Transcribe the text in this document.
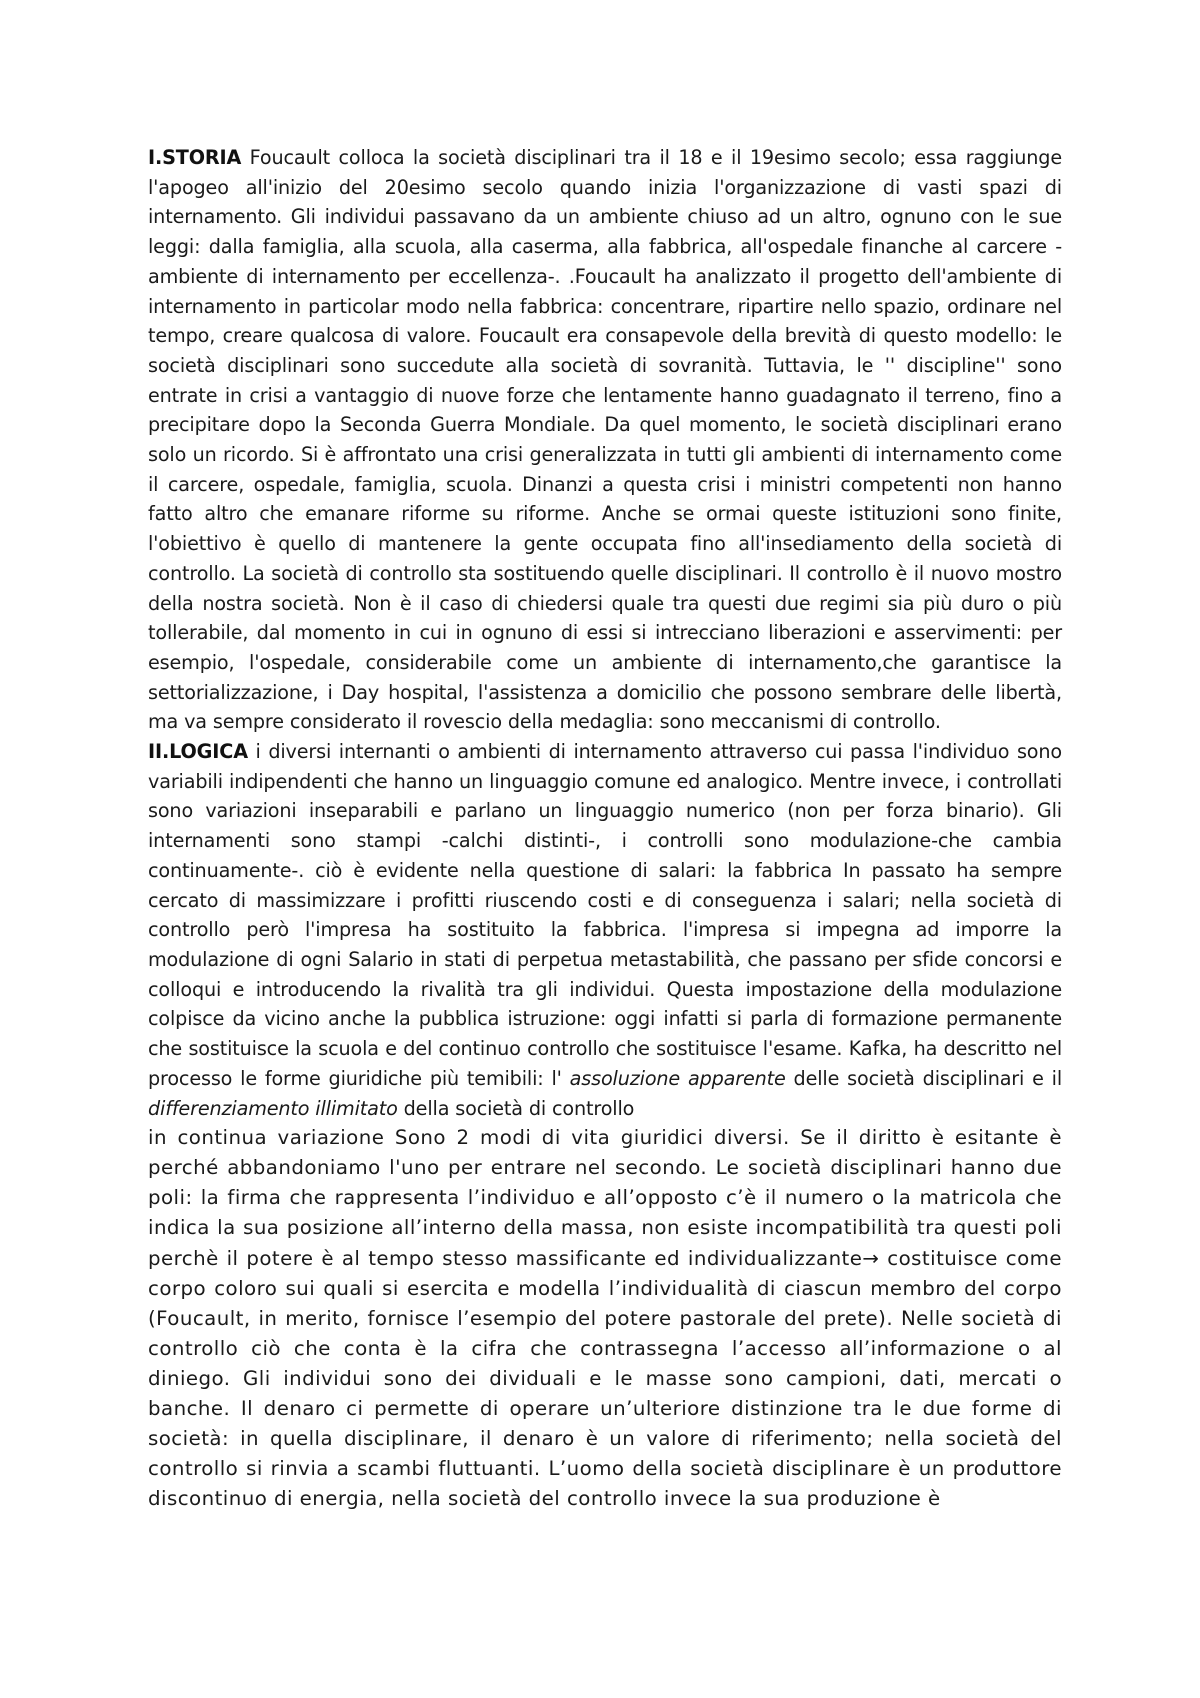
I.STORIA Foucault colloca la società disciplinari tra il 18 e il 19esimo secolo; essa raggiunge l'apogeo all'inizio del 20esimo secolo quando inizia l'organizzazione di vasti spazi di internamento. Gli individui passavano da un ambiente chiuso ad un altro, ognuno con le sue leggi: dalla famiglia, alla scuola, alla caserma, alla fabbrica, all'ospedale finanche al carcere -ambiente di internamento per eccellenza-. .Foucault ha analizzato il progetto dell'ambiente di internamento in particolar modo nella fabbrica: concentrare, ripartire nello spazio, ordinare nel tempo, creare qualcosa di valore. Foucault era consapevole della brevità di questo modello: le società disciplinari sono succedute alla società di sovranità. Tuttavia, le '' discipline'' sono entrate in crisi a vantaggio di nuove forze che lentamente hanno guadagnato il terreno, fino a precipitare dopo la Seconda Guerra Mondiale. Da quel momento, le società disciplinari erano solo un ricordo. Si è affrontato una crisi generalizzata in tutti gli ambienti di internamento come il carcere, ospedale, famiglia, scuola. Dinanzi a questa crisi i ministri competenti non hanno fatto altro che emanare riforme su riforme. Anche se ormai queste istituzioni sono finite, l'obiettivo è quello di mantenere la gente occupata fino all'insediamento della società di controllo. La società di controllo sta sostituendo quelle disciplinari. Il controllo è il nuovo mostro della nostra società. Non è il caso di chiedersi quale tra questi due regimi sia più duro o più tollerabile, dal momento in cui in ognuno di essi si intrecciano liberazioni e asservimenti: per esempio, l'ospedale, considerabile come un ambiente di internamento,che garantisce la settorializzazione, i Day hospital, l'assistenza a domicilio che possono sembrare delle libertà, ma va sempre considerato il rovescio della medaglia: sono meccanismi di controllo.

II.LOGICA i diversi internanti o ambienti di internamento attraverso cui passa l'individuo sono variabili indipendenti che hanno un linguaggio comune ed analogico. Mentre invece, i controllati sono variazioni inseparabili e parlano un linguaggio numerico (non per forza binario). Gli internamenti sono stampi -calchi distinti-, i controlli sono modulazione-che cambia continuamente-. ciò è evidente nella questione di salari: la fabbrica In passato ha sempre cercato di massimizzare i profitti riuscendo costi e di conseguenza i salari; nella società di controllo però l'impresa ha sostituito la fabbrica. l'impresa si impegna ad imporre la modulazione di ogni Salario in stati di perpetua metastabilità, che passano per sfide concorsi e colloqui e introducendo la rivalità tra gli individui. Questa impostazione della modulazione colpisce da vicino anche la pubblica istruzione: oggi infatti si parla di formazione permanente che sostituisce la scuola e del continuo controllo che sostituisce l'esame. Kafka, ha descritto nel processo le forme giuridiche più temibili: l' assoluzione apparente delle società disciplinari e il differenziamento illimitato della società di controllo

in continua variazione Sono 2 modi di vita giuridici diversi. Se il diritto è esitante è perché abbandoniamo l'uno per entrare nel secondo. Le società disciplinari hanno due poli: la firma che rappresenta l’individuo e all’opposto c’è il numero o la matricola che indica la sua posizione all’interno della massa, non esiste incompatibilità tra questi poli perchè il potere è al tempo stesso massificante ed individualizzante→ costituisce come corpo coloro sui quali si esercita e modella l’individualità di ciascun membro del corpo (Foucault, in merito, fornisce l’esempio del potere pastorale del prete). Nelle società di controllo ciò che conta è la cifra che contrassegna l’accesso all’informazione o al diniego. Gli individui sono dei dividuali e le masse sono campioni, dati, mercati o banche. Il denaro ci permette di operare un’ulteriore distinzione tra le due forme di società: in quella disciplinare, il denaro è un valore di riferimento; nella società del controllo si rinvia a scambi fluttuanti. L’uomo della società disciplinare è un produttore discontinuo di energia, nella società del controllo invece la sua produzione è
